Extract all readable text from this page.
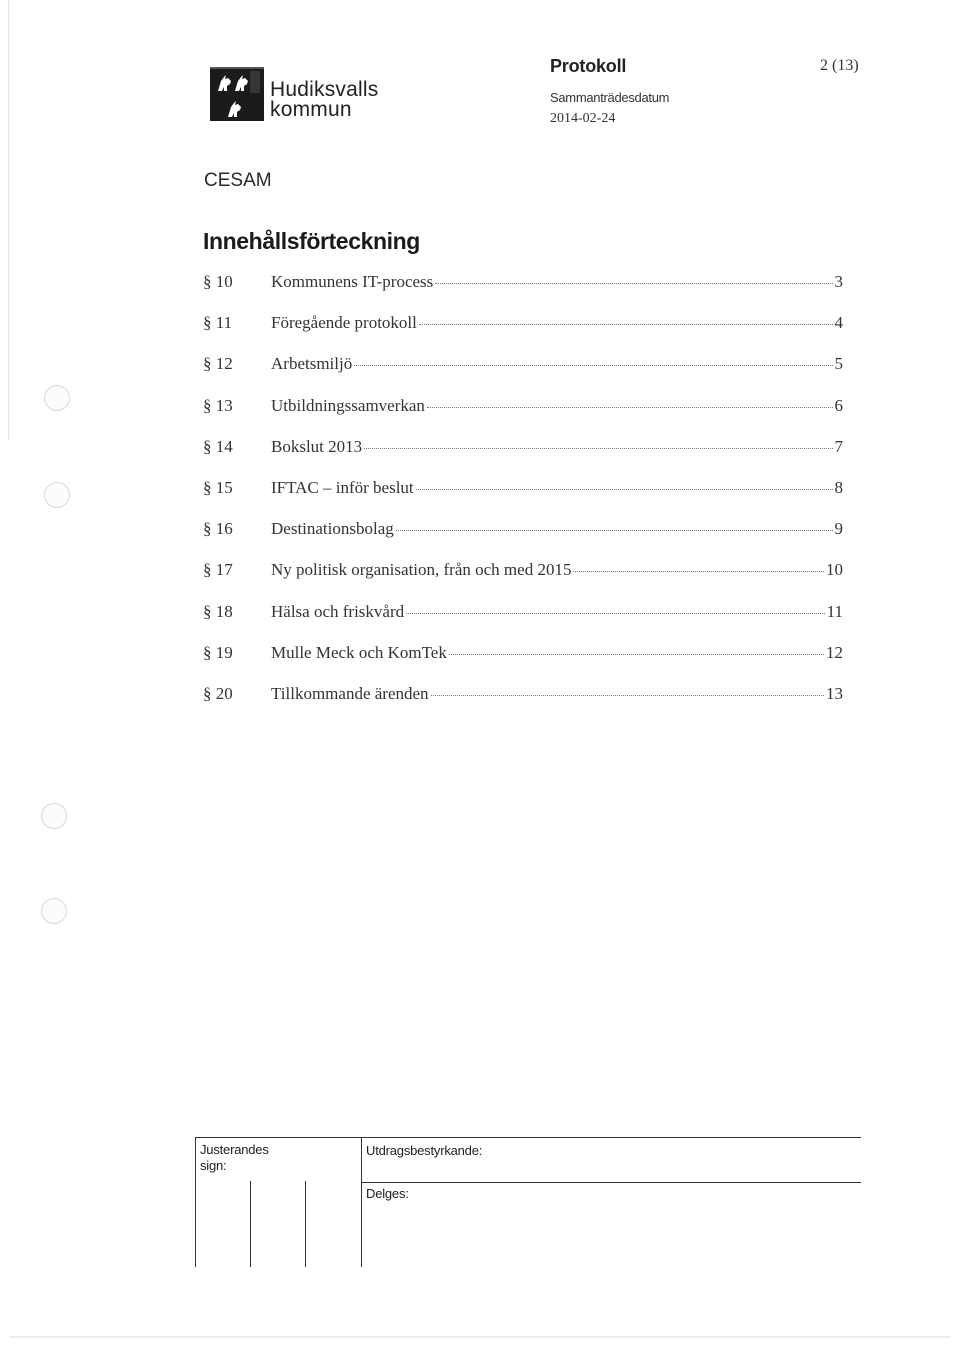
Hudiksvalls
kommun
Protokoll
Sammanträdesdatum
2014-02-24
2 (13)
CESAM
Innehållsförteckning
§ 10	Kommunens IT-process	3
§ 11	Föregående protokoll	4
§ 12	Arbetsmiljö	5
§ 13	Utbildningssamverkan	6
§ 14	Bokslut 2013	7
§ 15	IFTAC – inför beslut	8
§ 16	Destinationsbolag	9
§ 17	Ny politisk organisation, från och med 2015	10
§ 18	Hälsa och friskvård	11
§ 19	Mulle Meck och KomTek	12
§ 20	Tillkommande ärenden	13
Justerandes sign:
Utdragsbestyrkande:
Delges:
